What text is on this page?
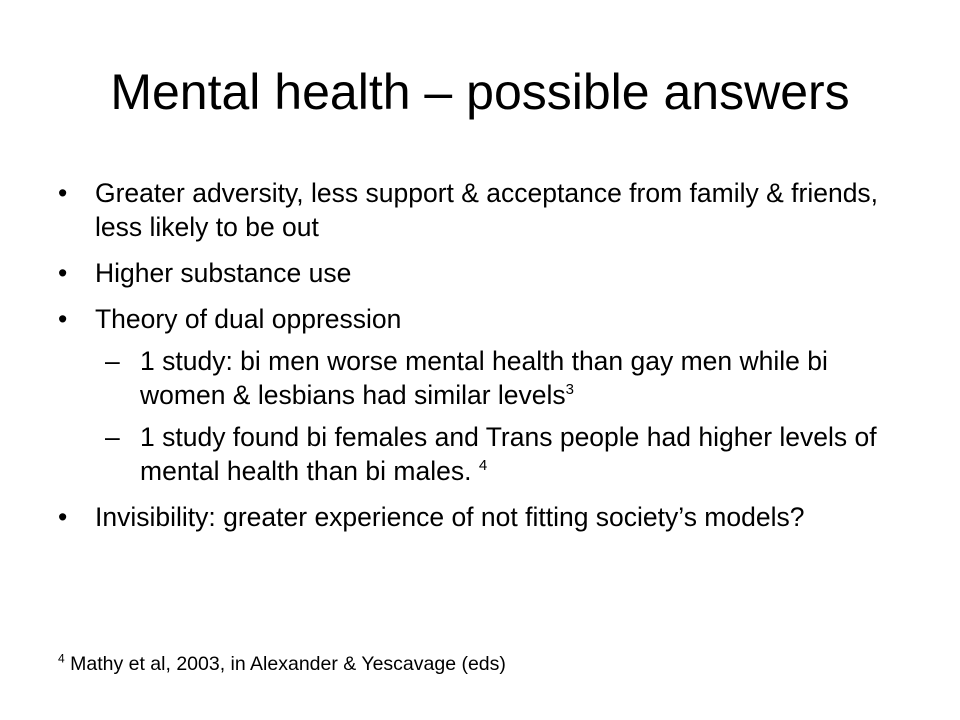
Mental health – possible answers
• Greater adversity, less support & acceptance from family & friends, less likely to be out
• Higher substance use
• Theory of dual oppression
– 1 study: bi men worse mental health than gay men while bi women & lesbians had similar levels$^3$
– 1 study found bi females and Trans people had higher levels of mental health than bi males. $^4$
• Invisibility: greater experience of not fitting society’s models?
$^4$ Mathy et al, 2003, in Alexander & Yescavage (eds)
